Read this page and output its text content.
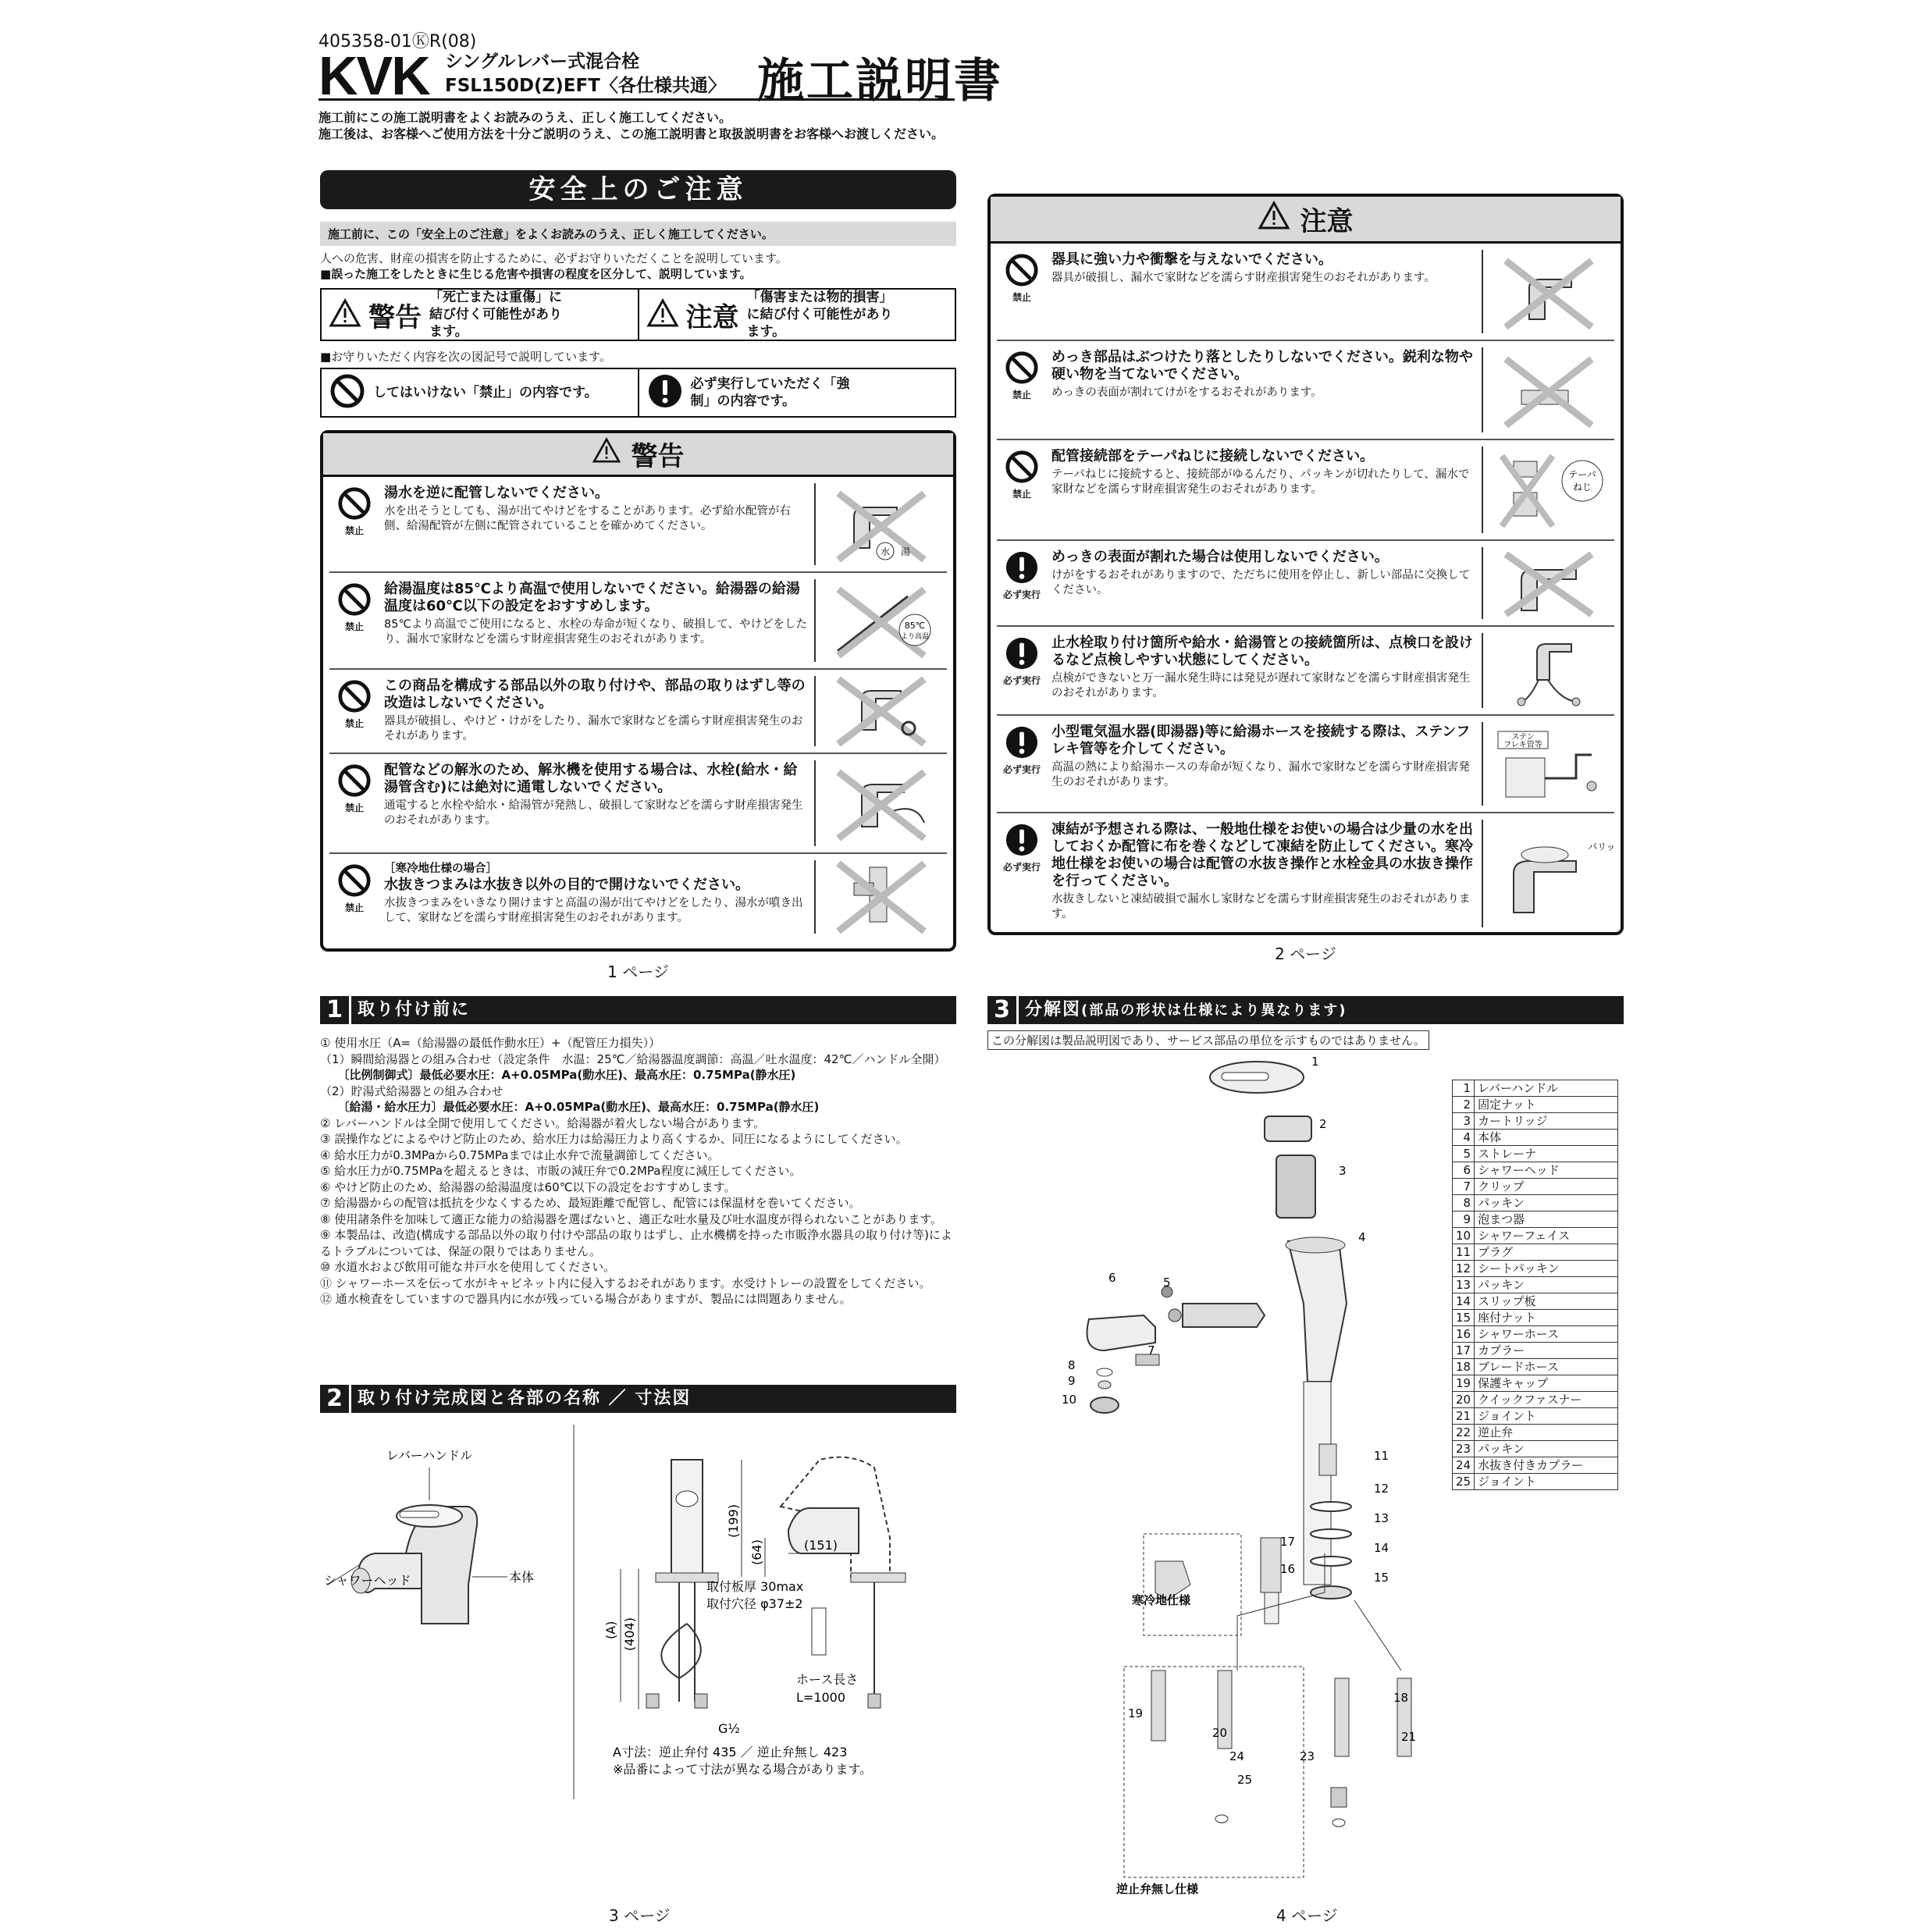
405358-01ⓀR(08)
KVK シングルレバー式混合栓
FSL150D(Z)EFT〈各仕様共通〉 施工説明書
施工前にこの施工説明書をよくお読みのうえ、正しく施工してください。
施工後は、お客様へご使用方法を十分ご説明のうえ、この施工説明書と取扱説明書をお客様へお渡しください。
安全上のご注意
施工前に、この「安全上のご注意」をよくお読みのうえ、正しく施工してください。
人への危害、財産の損害を防止するために、必ずお守りいただくことを説明しています。
■誤った施工をしたときに生じる危害や損害の程度を区分して、説明しています。
警告
「死亡または重傷」に結び付く可能性があります。	注意
「傷害または物的損害」に結び付く可能性があります。
■お守りいただく内容を次の図記号で説明しています。
してはいけない「禁止」の内容です。
必ず実行していただく「強制」の内容です。
警告
禁止
湯水を逆に配管しないでください。
水を出そうとしても、湯が出てやけどをすることがあります。必ず給水配管が右側、給湯配管が左側に配管されていることを確かめてください。
水 湯
禁止
給湯温度は85℃より高温で使用しないでください。給湯器の給湯温度は60℃以下の設定をおすすめします。
85℃より高温でご使用になると、水栓の寿命が短くなり、破損して、やけどをしたり、漏水で家財などを濡らす財産損害発生のおそれがあります。
85℃
より高温
禁止
この商品を構成する部品以外の取り付けや、部品の取りはずし等の改造はしないでください。
器具が破損し、やけど・けがをしたり、漏水で家財などを濡らす財産損害発生のおそれがあります。
禁止
配管などの解氷のため、解氷機を使用する場合は、水栓(給水・給湯管含む)には絶対に通電しないでください。
通電すると水栓や給水・給湯管が発熱し、破損して家財などを濡らす財産損害発生のおそれがあります。
禁止
［寒冷地仕様の場合］
水抜きつまみは水抜き以外の目的で開けないでください。
水抜きつまみをいきなり開けますと高温の湯が出てやけどをしたり、湯水が噴き出して、家財などを濡らす財産損害発生のおそれがあります。
1 ページ
注意
禁止
器具に強い力や衝撃を与えないでください。
器具が破損し、漏水で家財などを濡らす財産損害発生のおそれがあります。
禁止
めっき部品はぶつけたり落としたりしないでください。鋭利な物や硬い物を当てないでください。
めっきの表面が割れてけがをするおそれがあります。
禁止
配管接続部をテーパねじに接続しないでください。
テーパねじに接続すると、接続部がゆるんだり、パッキンが切れたりして、漏水で家財などを濡らす財産損害発生のおそれがあります。
テーパ
ねじ
必ず実行
めっきの表面が割れた場合は使用しないでください。
けがをするおそれがありますので、ただちに使用を停止し、新しい部品に交換してください。
必ず実行
止水栓取り付け箇所や給水・給湯管との接続箇所は、点検口を設けるなど点検しやすい状態にしてください。
点検ができないと万一漏水発生時には発見が遅れて家財などを濡らす財産損害発生のおそれがあります。
必ず実行
小型電気温水器(即湯器)等に給湯ホースを接続する際は、ステンフレキ管等を介してください。
高温の熱により給湯ホースの寿命が短くなり、漏水で家財などを濡らす財産損害発生のおそれがあります。
ステン
フレキ管等
必ず実行
凍結が予想される際は、一般地仕様をお使いの場合は少量の水を出しておくか配管に布を巻くなどして凍結を防止してください。寒冷地仕様をお使いの場合は配管の水抜き操作と水栓金具の水抜き操作を行ってください。
水抜きしないと凍結破損で漏水し家財などを濡らす財産損害発生のおそれがあります。
パリッ
2 ページ
1 取り付け前に
① 使用水圧（A=（給湯器の最低作動水圧）+（配管圧力損失））
（1）瞬間給湯器との組み合わせ（設定条件　水温：25℃／給湯器温度調節：高温／吐水温度：42℃／ハンドル全開）
　　〔比例制御式〕最低必要水圧：A+0.05MPa(動水圧)、最高水圧：0.75MPa(静水圧)
（2）貯湯式給湯器との組み合わせ
　　〔給湯・給水圧力〕最低必要水圧：A+0.05MPa(動水圧)、最高水圧：0.75MPa(静水圧)
② レバーハンドルは全開で使用してください。給湯器が着火しない場合があります。
③ 誤操作などによるやけど防止のため、給水圧力は給湯圧力より高くするか、同圧になるようにしてください。
④ 給水圧力が0.3MPaから0.75MPaまでは止水弁で流量調節してください。
⑤ 給水圧力が0.75MPaを超えるときは、市販の減圧弁で0.2MPa程度に減圧してください。
⑥ やけど防止のため、給湯器の給湯温度は60℃以下の設定をおすすめします。
⑦ 給湯器からの配管は抵抗を少なくするため、最短距離で配管し、配管には保温材を巻いてください。
⑧ 使用諸条件を加味して適正な能力の給湯器を選ばないと、適正な吐水量及び吐水温度が得られないことがあります。
⑨ 本製品は、改造(構成する部品以外の取り付けや部品の取りはずし、止水機構を持った市販浄水器具の取り付け等)によるトラブルについては、保証の限りではありません。
⑩ 水道水および飲用可能な井戸水を使用してください。
⑪ シャワーホースを伝って水がキャビネット内に侵入するおそれがあります。水受けトレーの設置をしてください。
⑫ 通水検査をしていますので器具内に水が残っている場合がありますが、製品には問題ありません。
2 取り付け完成図と各部の名称 ／ 寸法図
レバーハンドル
シャワーヘッド	本体
(A) (404)
(199)
(64)	(151)
取付板厚 30max
取付穴径 φ37±2
G½
ホース長さ
L=1000
A寸法：逆止弁付 435 ／ 逆止弁無し 423
※品番によって寸法が異なる場合があります。
3 ページ
3 分解図(部品の形状は仕様により異なります)
この分解図は製品説明図であり、サービス部品の単位を示すものではありません。
1	レバーハンドル
2	固定ナット
3	カートリッジ
4	本体
5	ストレーナ
6	シャワーヘッド
7	クリップ
8	パッキン
9	泡まつ器
10	シャワーフェイス
11	プラグ
12	シートパッキン
13	パッキン
14	スリップ板
15	座付ナット
16	シャワーホース
17	カプラー
18	ブレードホース
19	保護キャップ
20	クイックファスナー
21	ジョイント
22	逆止弁
23	パッキン
24	水抜き付きカプラー
25	ジョイント
1
2
3
4
5
6
7
8
9
10
11
12
13
14
15
16
17
18
19
20	21
23
24
25
寒冷地仕様
逆止弁無し仕様
4 ページ
